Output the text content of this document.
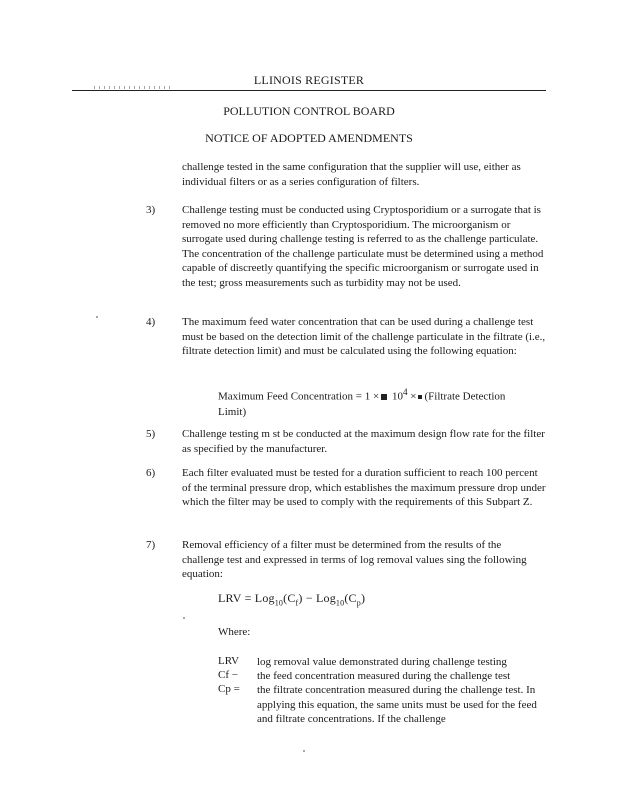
LLINOIS REGISTER
POLLUTION CONTROL BOARD
NOTICE OF ADOPTED AMENDMENTS

challenge tested in the same configuration that the supplier will use, either as individual filters or as a series configuration of filters.

3) Challenge testing must be conducted using Cryptosporidium or a surrogate that is removed no more efficiently than Cryptosporidium. The microorganism or surrogate used during challenge testing is referred to as the challenge particulate. The concentration of the challenge particulate must be determined using a method capable of discreetly quantifying the specific microorganism or surrogate used in the test; gross measurements such as turbidity may not be used.

4) The maximum feed water concentration that can be used during a challenge test must be based on the detection limit of the challenge particulate in the filtrate (i.e., filtrate detection limit) and must be calculated using the following equation:

Maximum Feed Concentration = $1 \times 10^4$ × (Filtrate Detection
Limit)
5) Challenge testing m st be conducted at the maximum design flow rate for the filter as specified by the manufacturer.

6) Each filter evaluated must be tested for a duration sufficient to reach 100 percent of the terminal pressure drop, which establishes the maximum pressure drop under which the filter may be used to comply with the requirements of this Subpart Z.

7) Removal efficiency of a filter must be determined from the results of the challenge test and expressed in terms of log removal values sing the following equation:

LRV = $Log_{10}(C_f) - Log_{10}(C_p)$
Where:
LRV log removal value demonstrated during challenge testing
Cf − the feed concentration measured during the challenge test
Cp = the filtrate concentration measured during the challenge test. In applying this equation, the same units must be used for the feed and filtrate concentrations. If the challenge
